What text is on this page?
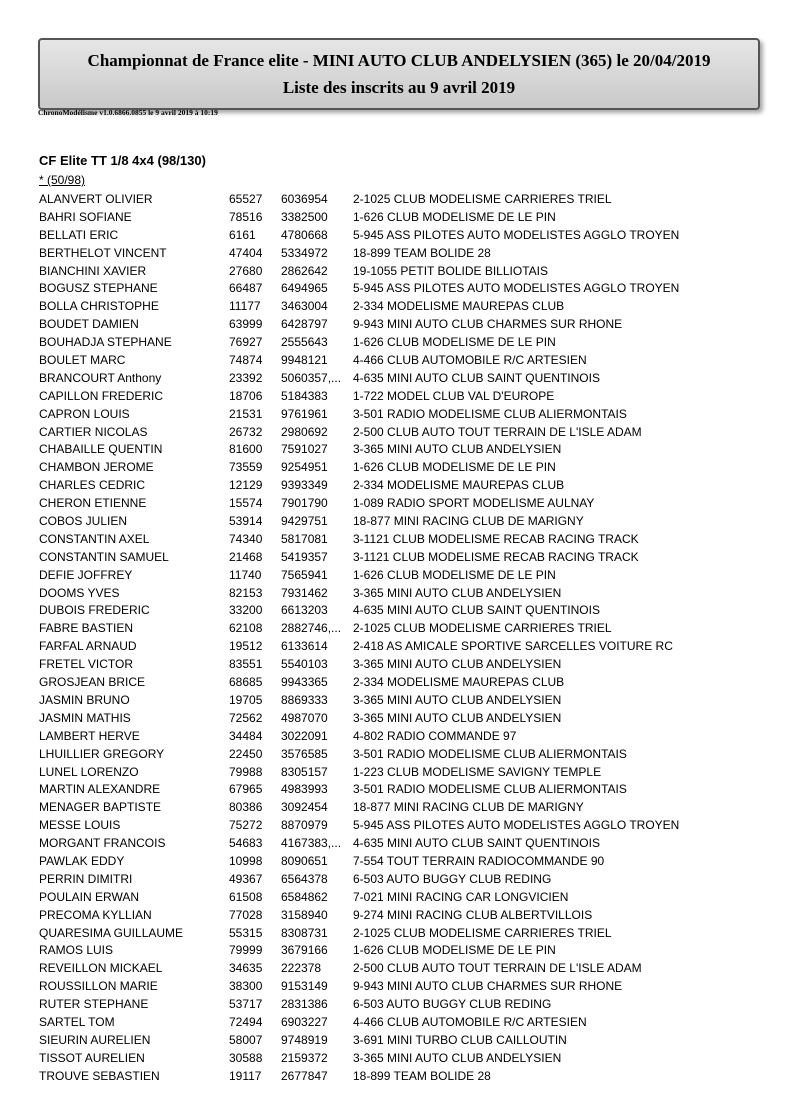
Championnat de France elite - MINI AUTO CLUB ANDELYSIEN (365) le 20/04/2019
Liste des inscrits au 9 avril 2019
ChronoModélisme v1.0.6866.0855 le 9 avril 2019 à 10:19
CF Elite TT 1/8 4x4 (98/130)
* (50/98)
ALANVERT OLIVIER	65527 6036954	2-1025 CLUB MODELISME CARRIERES TRIEL
BAHRI SOFIANE	78516 3382500	1-626 CLUB MODELISME DE LE PIN
BELLATI ERIC	6161 4780668	5-945 ASS PILOTES AUTO MODELISTES AGGLO TROYEN
BERTHELOT VINCENT	47404 5334972	18-899 TEAM BOLIDE 28
BIANCHINI XAVIER	27680 2862642	19-1055 PETIT BOLIDE BILLIOTAIS
BOGUSZ STEPHANE	66487 6494965	5-945 ASS PILOTES AUTO MODELISTES AGGLO TROYEN
BOLLA CHRISTOPHE	11177 3463004	2-334 MODELISME MAUREPAS CLUB
BOUDET DAMIEN	63999 6428797	9-943 MINI AUTO CLUB CHARMES SUR RHONE
BOUHADJA STEPHANE	76927 2555643	1-626 CLUB MODELISME DE LE PIN
BOULET MARC	74874 9948121	4-466 CLUB AUTOMOBILE R/C ARTESIEN
BRANCOURT Anthony	23392 5060357,... 4-635 MINI AUTO CLUB SAINT QUENTINOIS
CAPILLON FREDERIC	18706 5184383	1-722 MODEL CLUB VAL D'EUROPE
CAPRON LOUIS	21531 9761961	3-501 RADIO MODELISME CLUB ALIERMONTAIS
CARTIER NICOLAS	26732 2980692	2-500 CLUB AUTO TOUT TERRAIN DE L'ISLE ADAM
CHABAILLE QUENTIN	81600 7591027	3-365 MINI AUTO CLUB ANDELYSIEN
CHAMBON JEROME	73559 9254951	1-626 CLUB MODELISME DE LE PIN
CHARLES CEDRIC	12129 9393349	2-334 MODELISME MAUREPAS CLUB
CHERON ETIENNE	15574 7901790	1-089 RADIO SPORT MODELISME AULNAY
COBOS JULIEN	53914 9429751	18-877 MINI RACING CLUB DE MARIGNY
CONSTANTIN AXEL	74340 5817081	3-1121 CLUB MODELISME RECAB RACING TRACK
CONSTANTIN SAMUEL	21468 5419357	3-1121 CLUB MODELISME RECAB RACING TRACK
DEFIE JOFFREY	11740 7565941	1-626 CLUB MODELISME DE LE PIN
DOOMS YVES	82153 7931462	3-365 MINI AUTO CLUB ANDELYSIEN
DUBOIS FREDERIC	33200 6613203	4-635 MINI AUTO CLUB SAINT QUENTINOIS
FABRE BASTIEN	62108 2882746,... 2-1025 CLUB MODELISME CARRIERES TRIEL
FARFAL ARNAUD	19512 6133614	2-418 AS AMICALE SPORTIVE SARCELLES VOITURE RC
FRETEL VICTOR	83551 5540103	3-365 MINI AUTO CLUB ANDELYSIEN
GROSJEAN BRICE	68685 9943365	2-334 MODELISME MAUREPAS CLUB
JASMIN BRUNO	19705 8869333	3-365 MINI AUTO CLUB ANDELYSIEN
JASMIN MATHIS	72562 4987070	3-365 MINI AUTO CLUB ANDELYSIEN
LAMBERT HERVE	34484 3022091	4-802 RADIO COMMANDE 97
LHUILLIER GREGORY	22450 3576585	3-501 RADIO MODELISME CLUB ALIERMONTAIS
LUNEL LORENZO	79988 8305157	1-223 CLUB MODELISME SAVIGNY TEMPLE
MARTIN ALEXANDRE	67965 4983993	3-501 RADIO MODELISME CLUB ALIERMONTAIS
MENAGER BAPTISTE	80386 3092454	18-877 MINI RACING CLUB DE MARIGNY
MESSE LOUIS	75272 8870979	5-945 ASS PILOTES AUTO MODELISTES AGGLO TROYEN
MORGANT FRANCOIS	54683 4167383,... 4-635 MINI AUTO CLUB SAINT QUENTINOIS
PAWLAK EDDY	10998 8090651	7-554 TOUT TERRAIN RADIOCOMMANDE 90
PERRIN DIMITRI	49367 6564378	6-503 AUTO BUGGY CLUB REDING
POULAIN ERWAN	61508 6584862	7-021 MINI RACING CAR LONGVICIEN
PRECOMA KYLLIAN	77028 3158940	9-274 MINI RACING CLUB ALBERTVILLOIS
QUARESIMA GUILLAUME	55315 8308731	2-1025 CLUB MODELISME CARRIERES TRIEL
RAMOS LUIS	79999 3679166	1-626 CLUB MODELISME DE LE PIN
REVEILLON MICKAEL	34635 222378	2-500 CLUB AUTO TOUT TERRAIN DE L'ISLE ADAM
ROUSSILLON MARIE	38300 9153149	9-943 MINI AUTO CLUB CHARMES SUR RHONE
RUTER STEPHANE	53717 2831386	6-503 AUTO BUGGY CLUB REDING
SARTEL TOM	72494 6903227	4-466 CLUB AUTOMOBILE R/C ARTESIEN
SIEURIN AURELIEN	58007 9748919	3-691 MINI TURBO CLUB CAILLOUTIN
TISSOT AURELIEN	30588 2159372	3-365 MINI AUTO CLUB ANDELYSIEN
TROUVE SEBASTIEN	19117 2677847	18-899 TEAM BOLIDE 28
